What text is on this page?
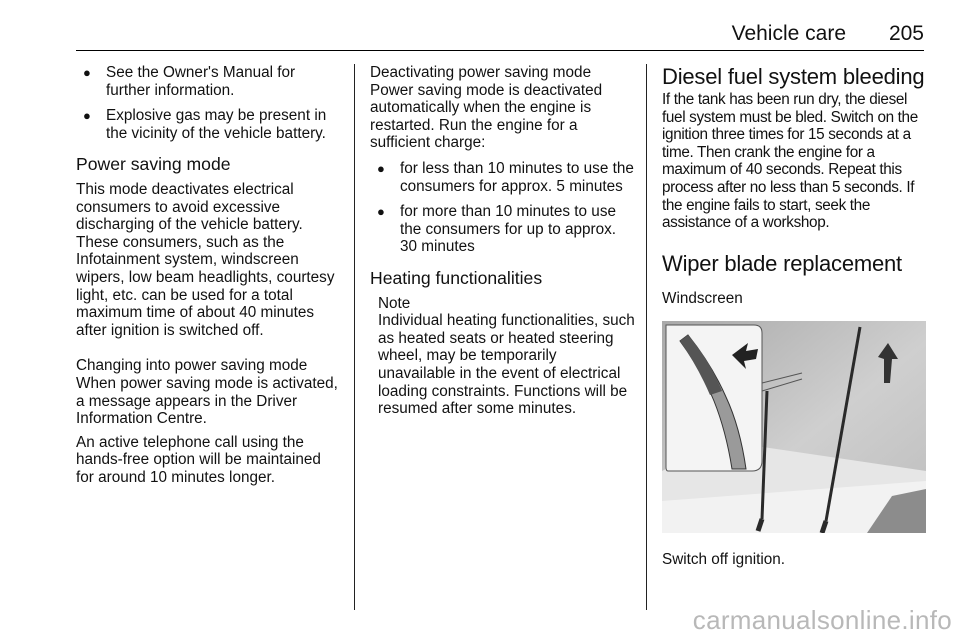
Vehicle care 205

● See the Owner's Manual for further information.

● Explosive gas may be present in the vicinity of the vehicle battery.

Power saving mode

This mode deactivates electrical consumers to avoid excessive discharging of the vehicle battery. These consumers, such as the Infotainment system, windscreen wipers, low beam headlights, courtesy light, etc. can be used for a total maximum time of about 40 minutes after ignition is switched off.

Changing into power saving mode

When power saving mode is activated, a message appears in the Driver Information Centre.

An active telephone call using the hands-free option will be maintained for around 10 minutes longer.

Deactivating power saving mode

Power saving mode is deactivated automatically when the engine is restarted. Run the engine for a sufficient charge:

● for less than 10 minutes to use the consumers for approx. 5 minutes

● for more than 10 minutes to use the consumers for up to approx. 30 minutes

Heating functionalities

Note

Individual heating functionalities, such as heated seats or heated steering wheel, may be temporarily unavailable in the event of electrical loading constraints. Functions will be resumed after some minutes.

Diesel fuel system bleeding

If the tank has been run dry, the diesel fuel system must be bled. Switch on the ignition three times for 15 seconds at a time. Then crank the engine for a maximum of 40 seconds. Repeat this process after no less than 5 seconds. If the engine fails to start, seek the assistance of a workshop.

Wiper blade replacement

Windscreen

Switch off ignition.

carmanualsonline.info
